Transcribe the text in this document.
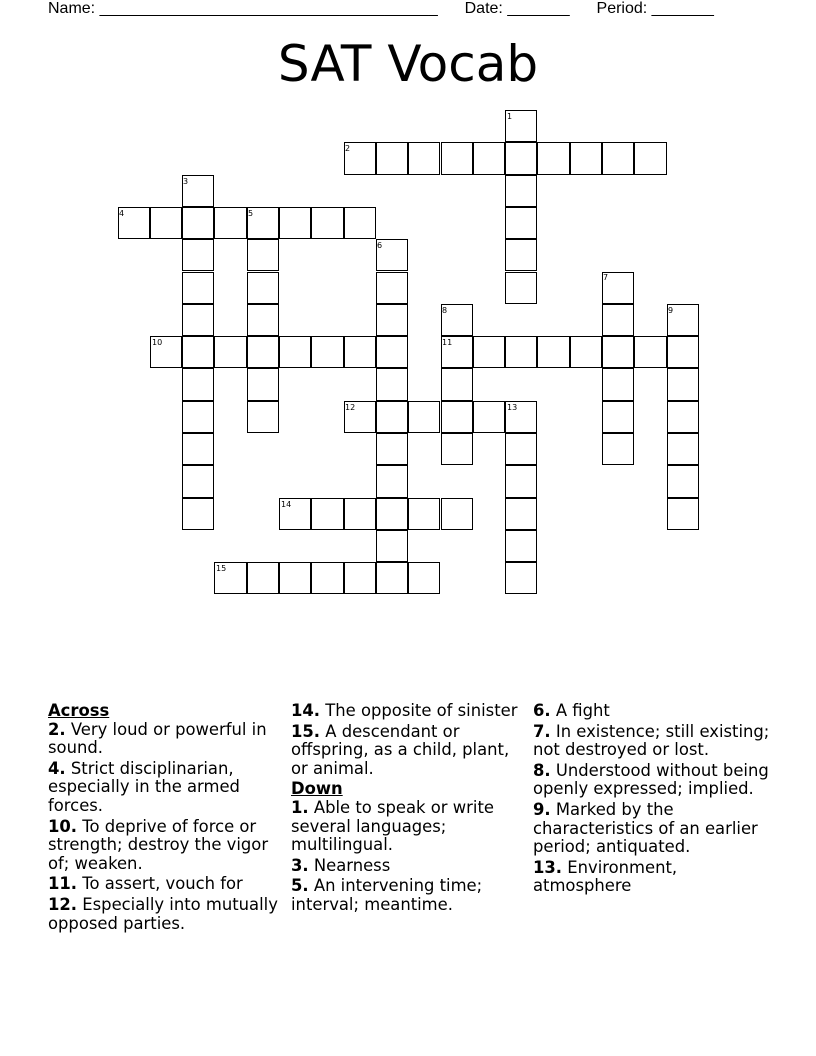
Name: ______________________________________ Date: _______ Period: _______
SAT Vocab
1
2
3
4	5
6
7
8	9
10	11
12	13
14
15
Across
2. Very loud or powerful in sound.
4. Strict disciplinarian, especially in the armed forces.
10. To deprive of force or strength; destroy the vigor of; weaken.
11. To assert, vouch for
12. Especially into mutually opposed parties.
14. The opposite of sinister
15. A descendant or offspring, as a child, plant, or animal.
Down
1. Able to speak or write several languages; multilingual.
3. Nearness
5. An intervening time; interval; meantime.
6. A fight
7. In existence; still existing; not destroyed or lost.
8. Understood without being openly expressed; implied.
9. Marked by the characteristics of an earlier period; antiquated.
13. Environment, atmosphere
